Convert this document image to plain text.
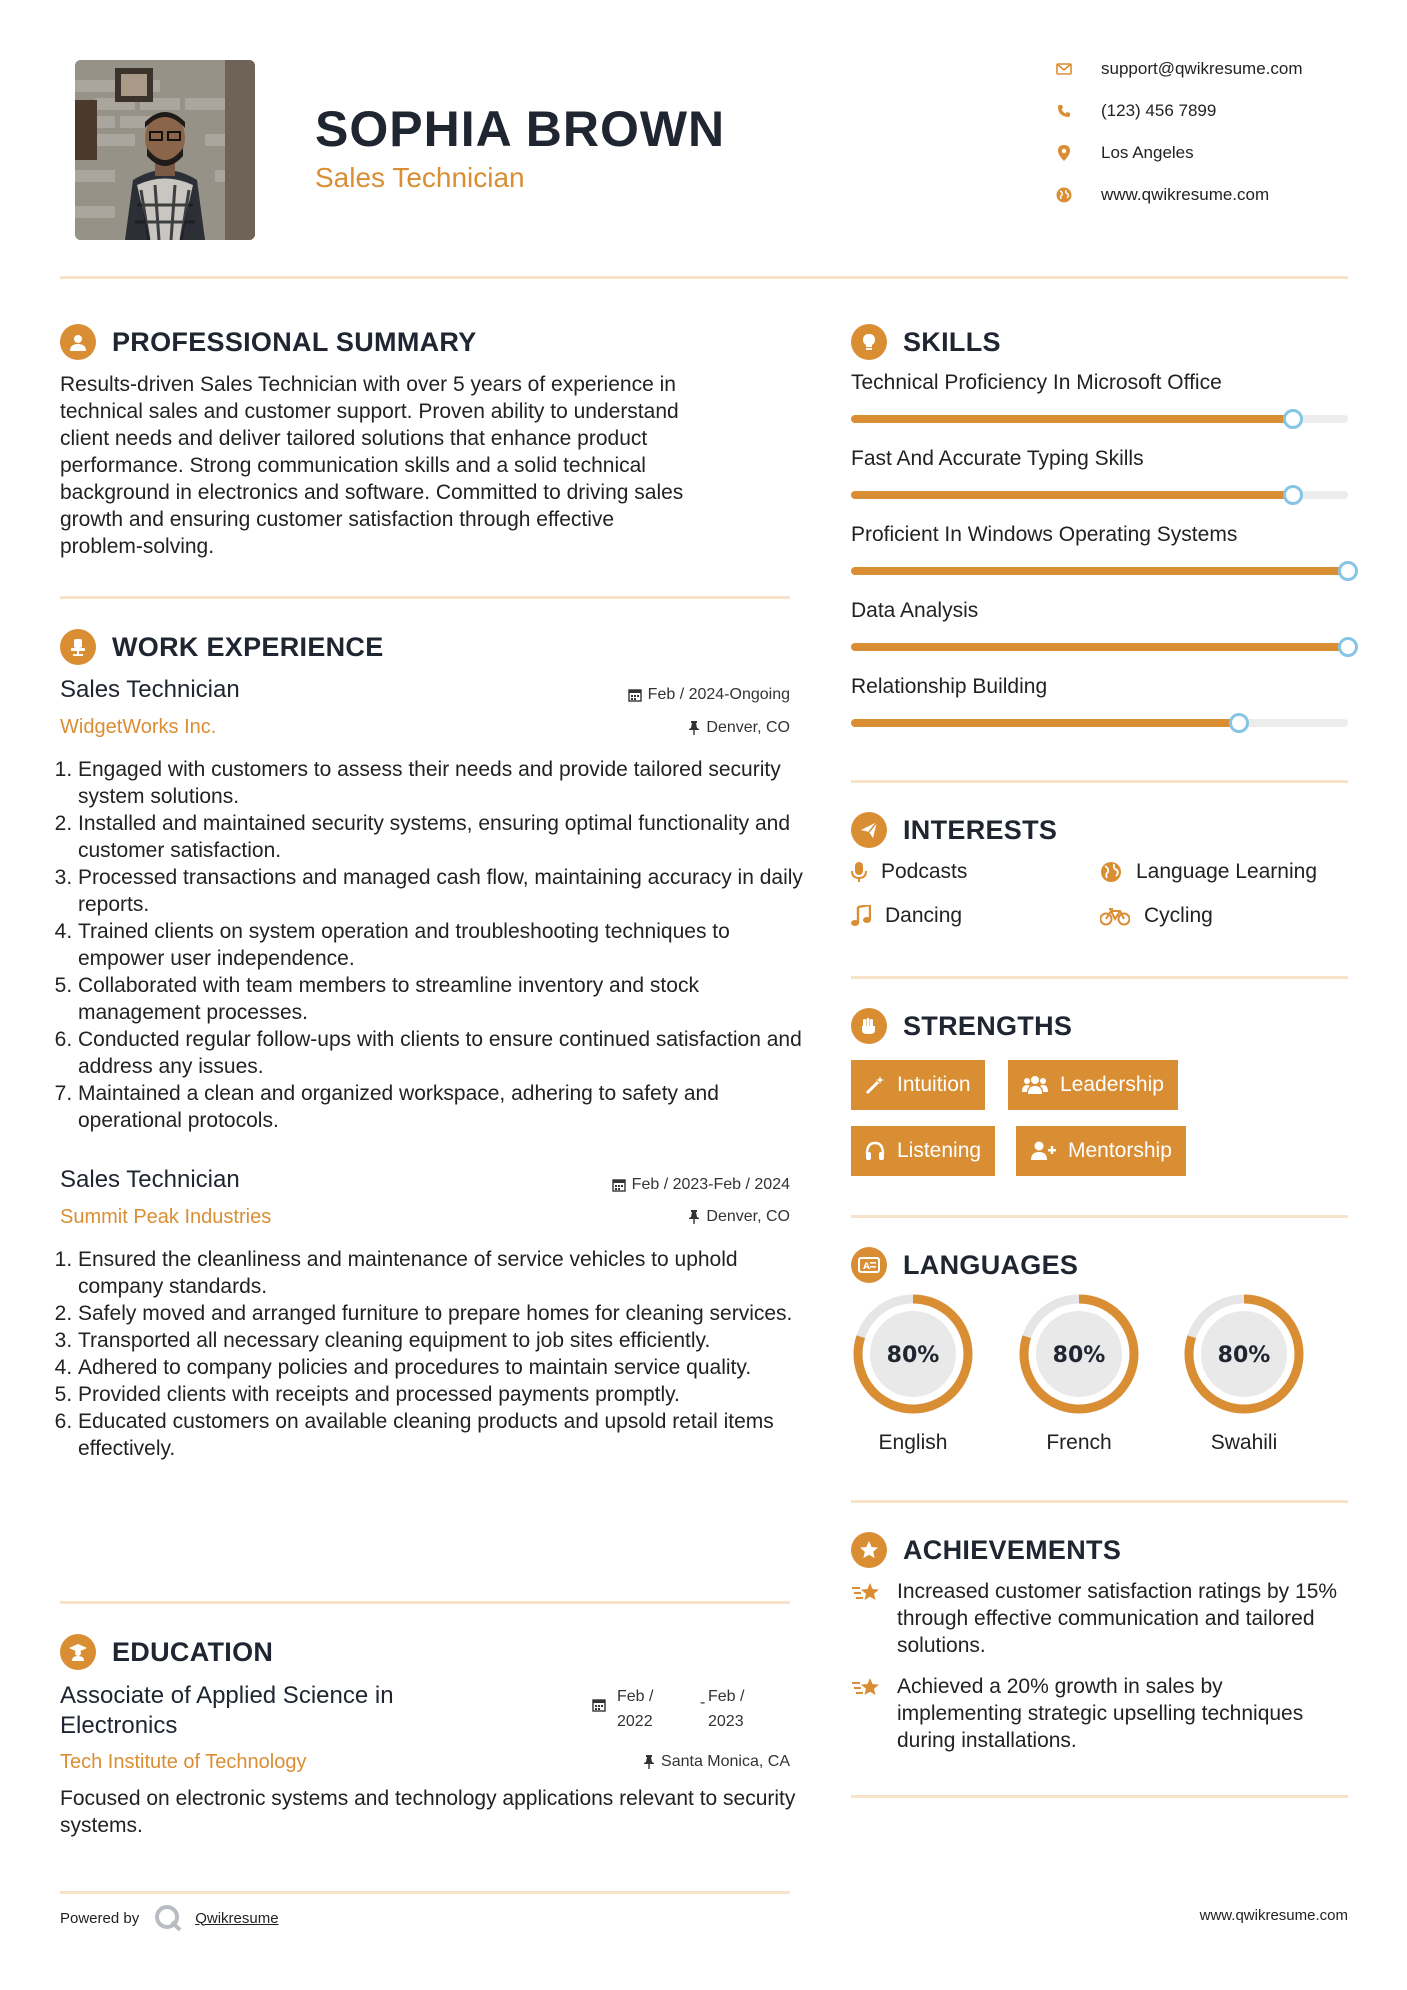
SOPHIA BROWN
Sales Technician
support@qwikresume.com
(123) 456 7899
Los Angeles
www.qwikresume.com
PROFESSIONAL SUMMARY
Results-driven Sales Technician with over 5 years of experience in
technical sales and customer support. Proven ability to understand
client needs and deliver tailored solutions that enhance product
performance. Strong communication skills and a solid technical
background in electronics and software. Committed to driving sales
growth and ensuring customer satisfaction through effective
problem-solving.
WORK EXPERIENCE
Sales Technician	Feb / 2024-Ongoing
WidgetWorks Inc.	Denver, CO
1. Engaged with customers to assess their needs and provide tailored security system solutions.
2. Installed and maintained security systems, ensuring optimal functionality and customer satisfaction.
3. Processed transactions and managed cash flow, maintaining accuracy in daily reports.
4. Trained clients on system operation and troubleshooting techniques to empower user independence.
5. Collaborated with team members to streamline inventory and stock management processes.
6. Conducted regular follow-ups with clients to ensure continued satisfaction and address any issues.
7. Maintained a clean and organized workspace, adhering to safety and operational protocols.
Sales Technician	Feb / 2023-Feb / 2024
Summit Peak Industries	Denver, CO
1. Ensured the cleanliness and maintenance of service vehicles to uphold company standards.
2. Safely moved and arranged furniture to prepare homes for cleaning services.
3. Transported all necessary cleaning equipment to job sites efficiently.
4. Adhered to company policies and procedures to maintain service quality.
5. Provided clients with receipts and processed payments promptly.
6. Educated customers on available cleaning products and upsold retail items effectively.
EDUCATION
Associate of Applied Science in
Electronics
Feb /
2022
- Feb /
2023
Tech Institute of Technology	Santa Monica, CA
Focused on electronic systems and technology applications relevant to security systems.
Powered by	Qwikresume	www.qwikresume.com
SKILLS
Technical Proficiency In Microsoft Office
Fast And Accurate Typing Skills
Proficient In Windows Operating Systems
Data Analysis
Relationship Building
INTERESTS
Podcasts	Language Learning
Dancing	Cycling
STRENGTHS
Intuition	Leadership
Listening	Mentorship
A LANGUAGES
80%
English
80%
French
80%
Swahili
ACHIEVEMENTS
Increased customer satisfaction ratings by 15% through effective communication and tailored solutions.
Achieved a 20% growth in sales by implementing strategic upselling techniques during installations.
